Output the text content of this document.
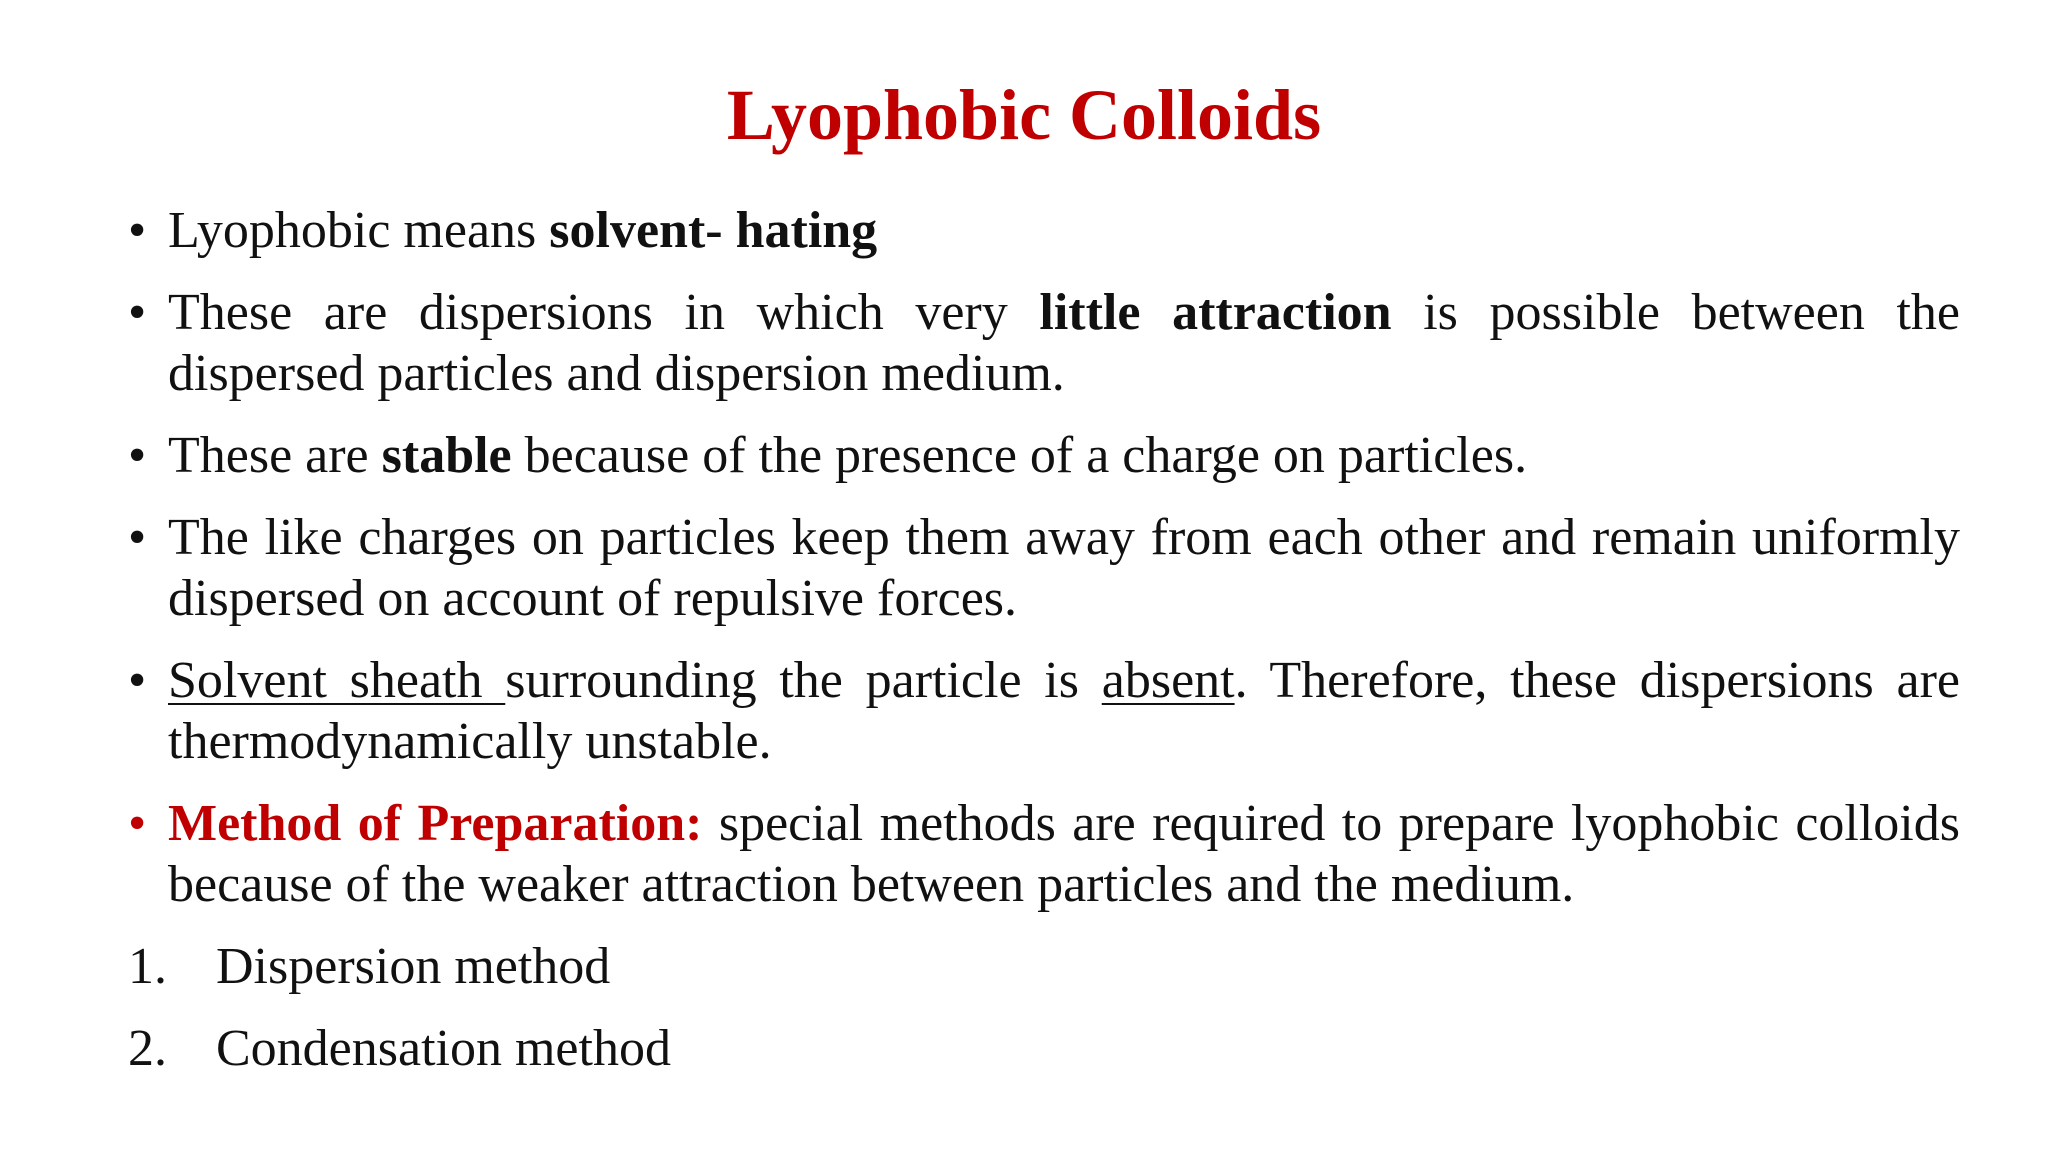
Lyophobic Colloids
• Lyophobic means solvent- hating
• These are dispersions in which very little attraction is possible between the dispersed particles and dispersion medium.
• These are stable because of the presence of a charge on particles.
• The like charges on particles keep them away from each other and remain uniformly dispersed on account of repulsive forces.
• Solvent sheath surrounding the particle is absent. Therefore, these dispersions are thermodynamically unstable.
• Method of Preparation: special methods are required to prepare lyophobic colloids because of the weaker attraction between particles and the medium.
1. Dispersion method
2. Condensation method
